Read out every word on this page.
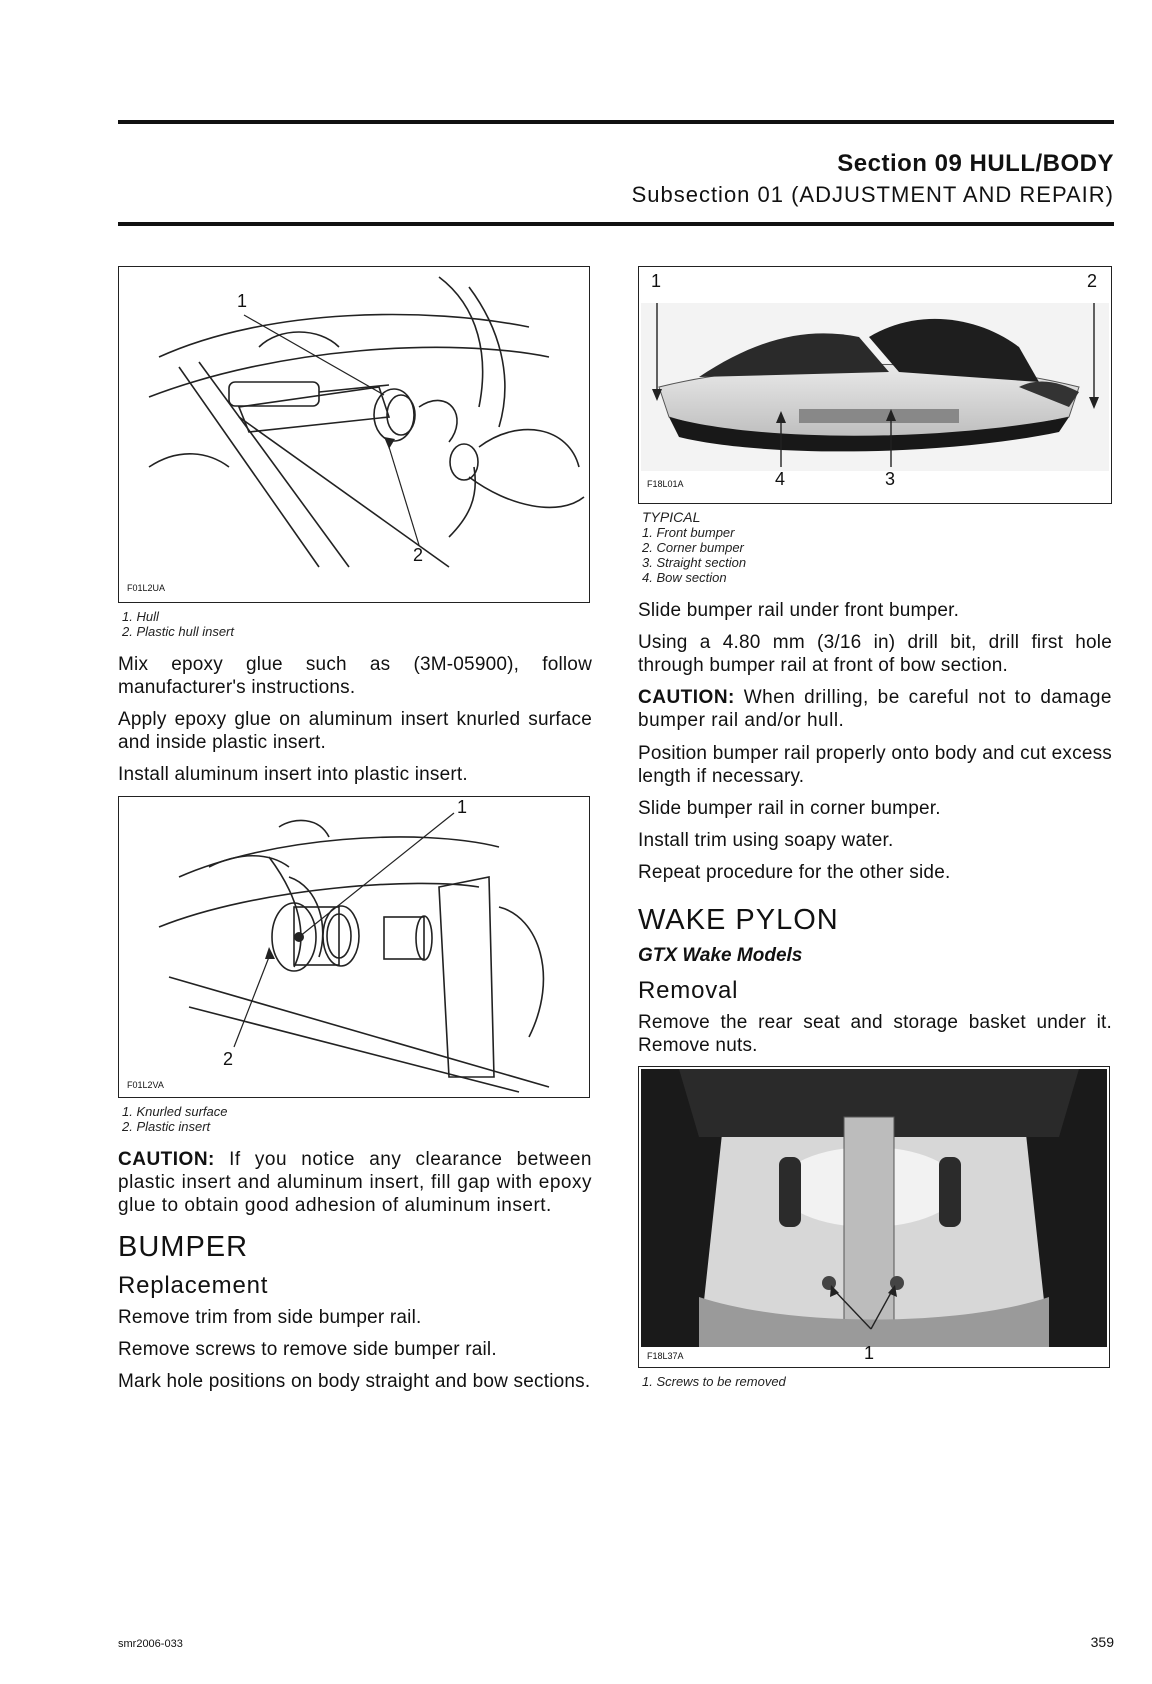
Section 09 HULL/BODY
Subsection 01 (ADJUSTMENT AND REPAIR)
1
2
F01L2UA
1. Hull
2. Plastic hull insert

Mix epoxy glue such as (3M-05900), follow manufacturer's instructions.

Apply epoxy glue on aluminum insert knurled surface and inside plastic insert.

Install aluminum insert into plastic insert.

1
2
F01L2VA
1. Knurled surface
2. Plastic insert

CAUTION: If you notice any clearance between plastic insert and aluminum insert, fill gap with epoxy glue to obtain good adhesion of aluminum insert.

BUMPER
Replacement

Remove trim from side bumper rail.

Remove screws to remove side bumper rail.

Mark hole positions on body straight and bow sections.

1	2
4	3
F18L01A
TYPICAL
1. Front bumper
2. Corner bumper
3. Straight section
4. Bow section

Slide bumper rail under front bumper.

Using a 4.80 mm (3/16 in) drill bit, drill first hole through bumper rail at front of bow section.

CAUTION: When drilling, be careful not to damage bumper rail and/or hull.

Position bumper rail properly onto body and cut excess length if necessary.

Slide bumper rail in corner bumper.

Install trim using soapy water.

Repeat procedure for the other side.

WAKE PYLON
GTX Wake Models
Removal

Remove the rear seat and storage basket under it. Remove nuts.

1
F18L37A
1. Screws to be removed
smr2006-033	359
